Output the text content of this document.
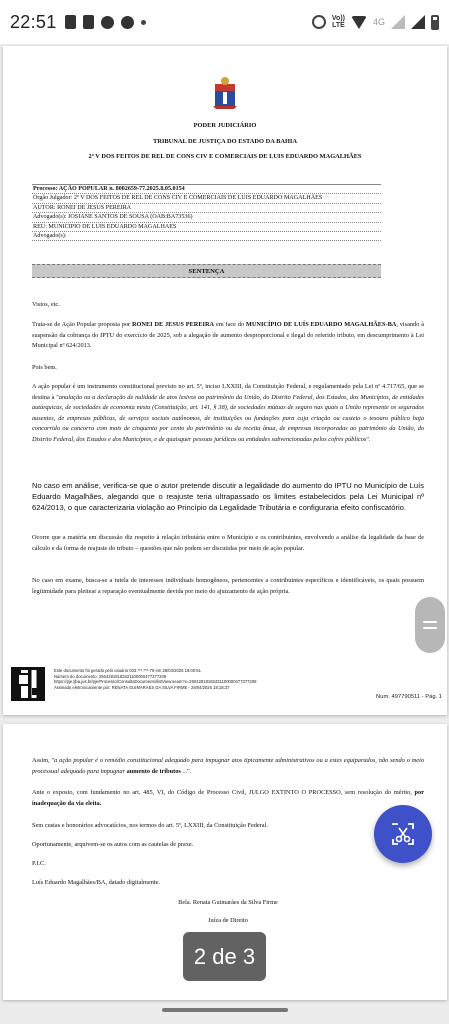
22:51	Vo))
LTE	4G
PODER JUDICIÁRIO
TRIBUNAL DE JUSTIÇA DO ESTADO DA BAHIA
2º V DOS FEITOS DE REL DE CONS CIV E COMERCIAIS DE LUIS EDUARDO MAGALHÃES
Processo: AÇÃO POPULAR n. 8002659-77.2025.8.05.0154
Órgão Julgador: 2º V DOS FEITOS DE REL DE CONS CIV E COMERCIAIS DE LUIS EDUARDO MAGALHÃES
AUTOR: RONEI DE JESUS PEREIRA
Advogado(s): JOSIANE SANTOS DE SOUSA (OAB:BA73536)
REU: MUNICIPIO DE LUIS EDUARDO MAGALHAES
Advogado(s):
SENTENÇA

Vistos, etc.

Trata-se de Ação Popular proposta por RONEI DE JESUS PEREIRA em face do MUNICÍPIO DE LUÍS EDUARDO MAGALHÃES-BA, visando à suspensão da cobrança do IPTU do exercício de 2025, sob a alegação de aumento desproporcional e ilegal do referido tributo, em descumprimento à Lei Municipal nº 624/2013.

Pois bem.

A ação popular é um instrumento constitucional previsto no art. 5º, inciso LXXIII, da Constituição Federal, e regulamentado pela Lei nº 4.717/65, que se destina à "anulação ou a declaração de nulidade de atos lesivos ao patrimônio da União, do Distrito Federal, dos Estados, dos Municípios, de entidades autárquicas, de sociedades de economia mista (Constituição, art. 141, § 38), de sociedades mútuas de seguro nas quais a União represente os segurados ausentes, de empresas públicas, de serviços sociais autônomos, de instituições ou fundações para cuja criação ou custeio o tesouro público haja concorrido ou concorra com mais de cinquenta por cento do patrimônio ou da receita ânua, de empresas incorporadas ao patrimônio da União, do Distrito Federal, dos Estados e dos Municípios, e de quaisquer pessoas jurídicas ou entidades subvencionadas pelos cofres públicos".

No caso em análise, verifica-se que o autor pretende discutir a legalidade do aumento do IPTU no Município de Luís Eduardo Magalhães, alegando que o reajuste teria ultrapassado os limites estabelecidos pela Lei Municipal nº 624/2013, o que caracterizaria violação ao Princípio da Legalidade Tributária e configuraria efeito confiscatório.

Ocorre que a matéria em discussão diz respeito à relação tributária entre o Município e os contribuintes, envolvendo a análise da legalidade da base de cálculo e da forma de reajuste do tributo – questões que não podem ser discutidas por meio de ação popular.

No caso em exame, busca-se a tutela de interesses individuais homogêneos, pertencentes a contribuintes específicos e identificáveis, os quais possuem legitimidade para pleitear a reparação eventualmente devida por meio do ajuizamento de ação própria.

Este documento foi gerado pelo usuário 033.***.***-79 em 28/04/2025 19:00:51
Número do documento: 25042818183421100000477377208
https://pje.tjba.jus.br/pje/Processo/ConsultaDocumento/listView.seam?x=25042818183421100000477377208
Assinado eletronicamente por: RENATA GUIMARAES DA SILVA FIRME - 28/04/2025 18:18:37
Num. 497790511 - Pág. 1

Assim, "a ação popular é o remédio constitucional adequado para impugnar atos tipicamente administrativos ou a estes equiparados, não sendo o meio processual adequado para impugnar aumento de tributos ...".

Ante o exposto, com fundamento no art. 485, VI, do Código de Processo Civil, JULGO EXTINTO O PROCESSO, sem resolução do mérito, por inadequação da via eleita.

Sem custas e honorários advocatícios, nos termos do art. 5º, LXXIII, da Constituição Federal.

Oportunamente, arquivem-se os autos com as cautelas de praxe.

P.I.C.

Luís Eduardo Magalhães/BA, datado digitalmente.

Bela. Renata Guimarães da Silva Firme

Juíza de Direito

2 de 3
